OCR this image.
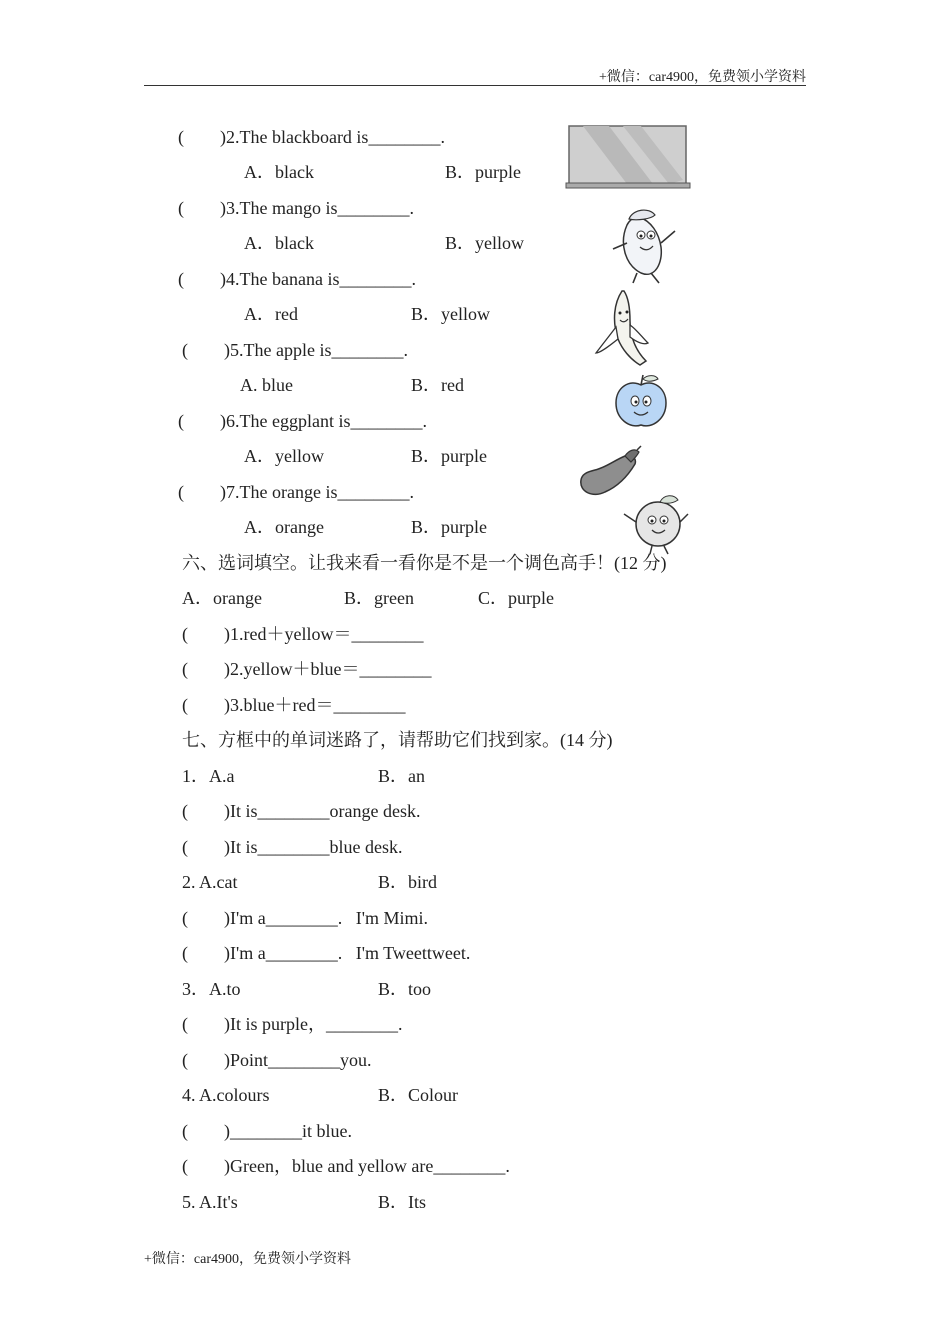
+微信：car4900，免费领小学资料
(        )2.The blackboard is________.
A．black	B．purple
(        )3.The mango is________.
A．black	B．yellow
(        )4.The banana is________.
A．red	B．yellow
(        )5.The apple is________.
A. blue	B．red
(        )6.The eggplant is________.
A．yellow	B．purple
(        )7.The orange is________.
A．orange	B．purple
六、选词填空。让我来看一看你是不是一个调色高手！(12 分)
A．orange	B．green	C．purple
(        )1.red＋yellow＝________
(        )2.yellow＋blue＝________
(        )3.blue＋red＝________
七、方框中的单词迷路了，请帮助它们找到家。(14 分)
1．A.a	B．an
(        )It is________orange desk.
(        )It is________blue desk.
2. A.cat	B．bird
(        )I'm a________.   I'm Mimi.
(        )I'm a________.   I'm Tweettweet.
3．A.to	B．too
(        )It is purple，________.
(        )Point________you.
4. A.colours	B．Colour
(        )________it blue.
(        )Green，blue and yellow are________.
5. A.It's	B．Its
+微信：car4900，免费领小学资料
